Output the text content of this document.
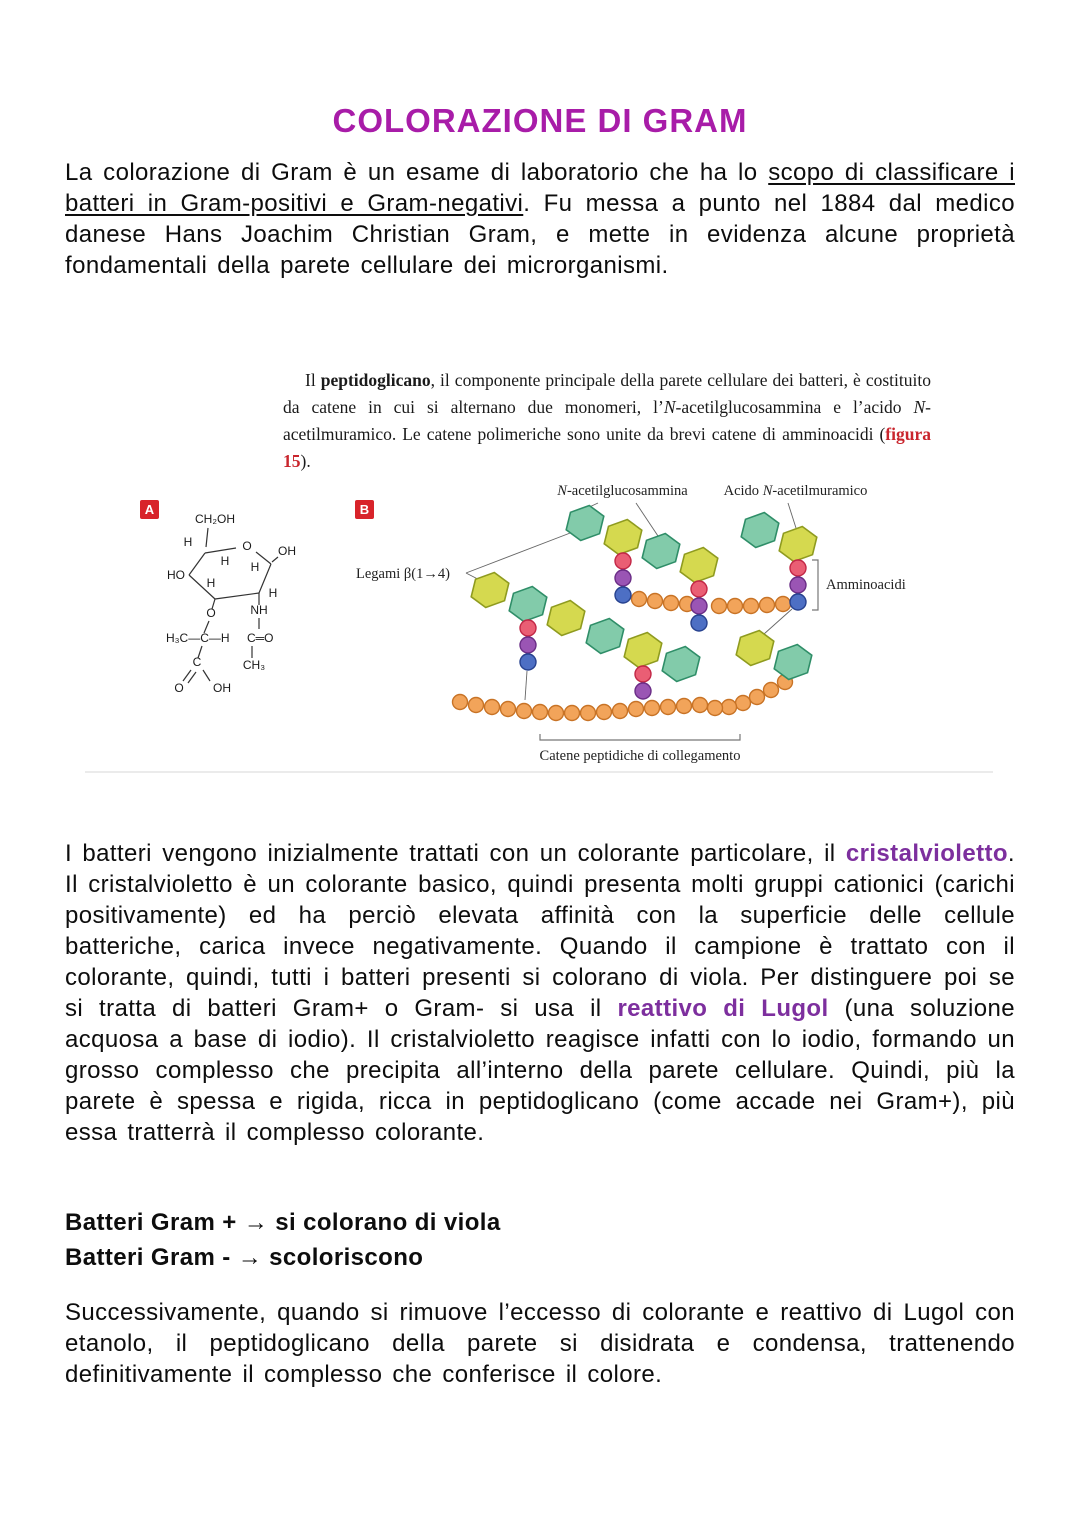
COLORAZIONE DI GRAM

La colorazione di Gram è un esame di laboratorio che ha lo scopo di classificare i batteri in Gram-positivi e Gram-negativi. Fu messa a punto nel 1884 dal medico danese Hans Joachim Christian Gram, e mette in evidenza alcune proprietà fondamentali della parete cellulare dei microrganismi.

Il peptidoglicano, il componente principale della parete cellulare dei batteri, è costituito da catene in cui si alternano due monomeri, l’N-acetilglucosammina e l’acido N-acetilmuramico. Le catene polimeriche sono unite da brevi catene di amminoacidi (figura 15).

A
CH₂OH
H	O OH
H H
HO
H
H
NH
C═O
CH₃
O
H₃C—C—H
C
O OH
B
N-acetilglucosammina	Acido N-acetilmuramico
Legami β(1→4)
Amminoacidi
Catene peptidiche di collegamento

I batteri vengono inizialmente trattati con un colorante particolare, il cristalvioletto. Il cristalvioletto è un colorante basico, quindi presenta molti gruppi cationici (carichi positivamente) ed ha perciò elevata affinità con la superficie delle cellule batteriche, carica invece negativamente. Quando il campione è trattato con il colorante, quindi, tutti i batteri presenti si colorano di viola. Per distinguere poi se si tratta di batteri Gram+ o Gram- si usa il reattivo di Lugol (una soluzione acquosa a base di iodio). Il cristalvioletto reagisce infatti con lo iodio, formando un grosso complesso che precipita all’interno della parete cellulare. Quindi, più la parete è spessa e rigida, ricca in peptidoglicano (come accade nei Gram+), più essa tratterrà il complesso colorante.

Batteri Gram + → si colorano di viola

Batteri Gram - → scoloriscono

Successivamente, quando si rimuove l’eccesso di colorante e reattivo di Lugol con etanolo, il peptidoglicano della parete si disidrata e condensa, trattenendo definitivamente il complesso che conferisce il colore.
